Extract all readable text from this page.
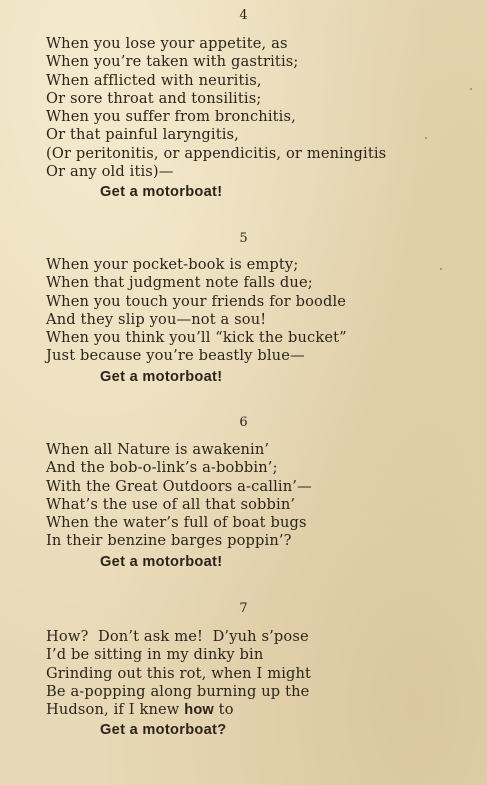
4
When you lose your appetite, as
When you’re taken with gastritis;
When afflicted with neuritis,
Or sore throat and tonsilitis;
When you suffer from bronchitis,
Or that painful laryngitis,
(Or peritonitis, or appendicitis, or meningitis
Or any old itis)—
Get a motorboat!
5
When your pocket-book is empty;
When that judgment note falls due;
When you touch your friends for boodle
And they slip you—not a sou!
When you think you’ll “kick the bucket”
Just because you’re beastly blue—
Get a motorboat!
6
When all Nature is awakenin’
And the bob-o-link’s a-bobbin’;
With the Great Outdoors a-callin’—
What’s the use of all that sobbin’
When the water’s full of boat bugs
In their benzine barges poppin’?
Get a motorboat!
7
How?  Don’t ask me!  D’yuh s’pose
I’d be sitting in my dinky bin
Grinding out this rot, when I might
Be a-popping along burning up the
Hudson, if I knew how to
Get a motorboat?
